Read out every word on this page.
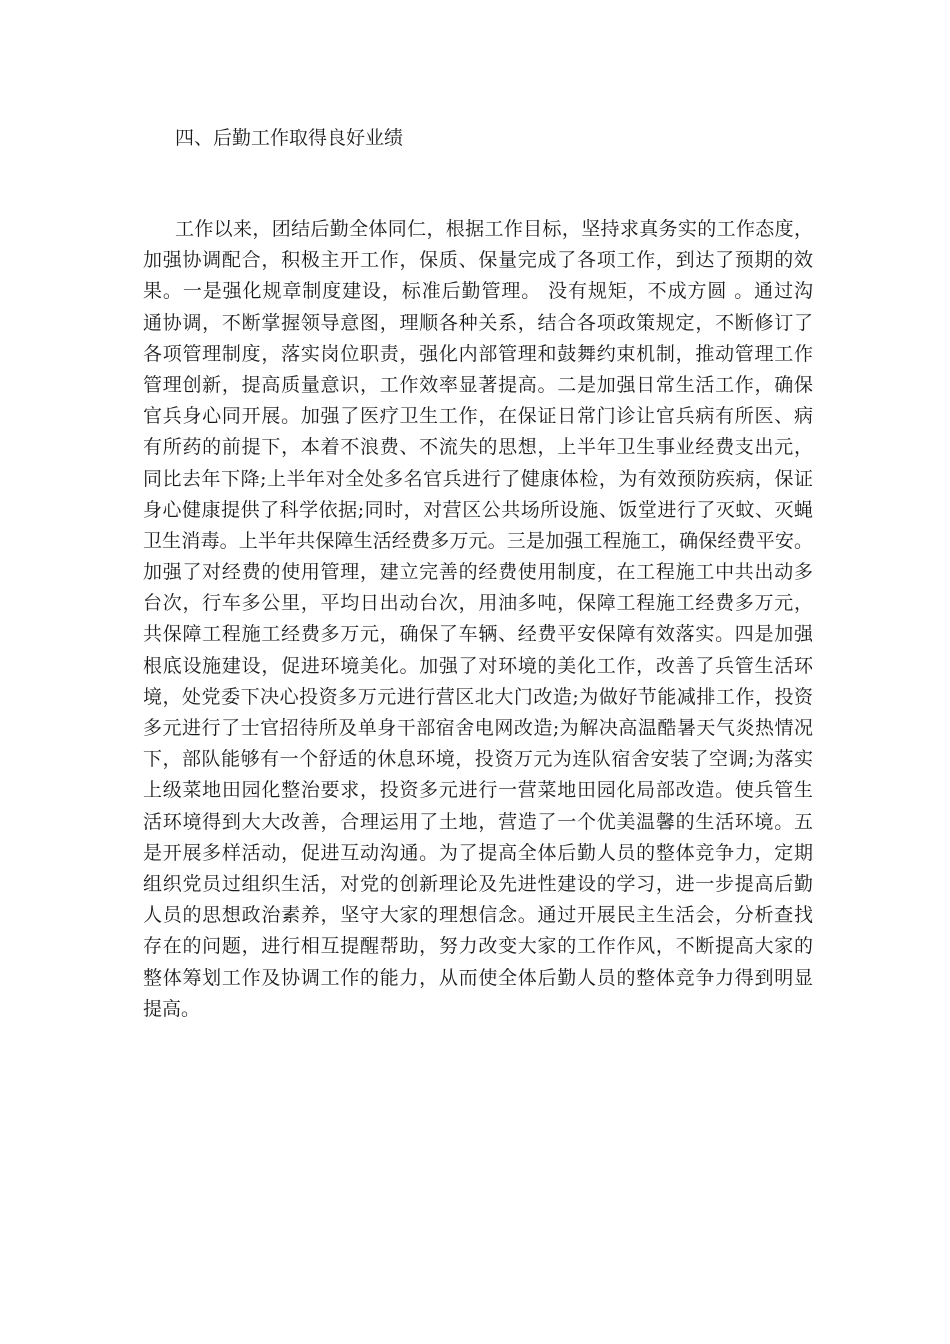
四、后勤工作取得良好业绩
工作以来，团结后勤全体同仁，根据工作目标，坚持求真务实的工作态度，
加强协调配合，积极主开工作，保质、保量完成了各项工作，到达了预期的效
果。一是强化规章制度建设，标准后勤管理。 没有规矩，不成方圆 。通过沟
通协调，不断掌握领导意图，理顺各种关系，结合各项政策规定，不断修订了
各项管理制度，落实岗位职责，强化内部管理和鼓舞约束机制，推动管理工作
管理创新，提高质量意识，工作效率显著提高。二是加强日常生活工作，确保
官兵身心同开展。加强了医疗卫生工作，在保证日常门诊让官兵病有所医、病
有所药的前提下，本着不浪费、不流失的思想，上半年卫生事业经费支出元，
同比去年下降;上半年对全处多名官兵进行了健康体检，为有效预防疾病，保证
身心健康提供了科学依据;同时，对营区公共场所设施、饭堂进行了灭蚊、灭蝇
卫生消毒。上半年共保障生活经费多万元。三是加强工程施工，确保经费平安。
加强了对经费的使用管理，建立完善的经费使用制度，在工程施工中共出动多
台次，行车多公里，平均日出动台次，用油多吨，保障工程施工经费多万元，
共保障工程施工经费多万元，确保了车辆、经费平安保障有效落实。四是加强
根底设施建设，促进环境美化。加强了对环境的美化工作，改善了兵管生活环
境，处党委下决心投资多万元进行营区北大门改造;为做好节能减排工作，投资
多元进行了士官招待所及单身干部宿舍电网改造;为解决高温酷暑天气炎热情况
下，部队能够有一个舒适的休息环境，投资万元为连队宿舍安装了空调;为落实
上级菜地田园化整治要求，投资多元进行一营菜地田园化局部改造。使兵管生
活环境得到大大改善，合理运用了土地，营造了一个优美温馨的生活环境。五
是开展多样活动，促进互动沟通。为了提高全体后勤人员的整体竞争力，定期
组织党员过组织生活，对党的创新理论及先进性建设的学习，进一步提高后勤
人员的思想政治素养，坚守大家的理想信念。通过开展民主生活会，分析查找
存在的问题，进行相互提醒帮助，努力改变大家的工作作风，不断提高大家的
整体筹划工作及协调工作的能力，从而使全体后勤人员的整体竞争力得到明显
提高。
